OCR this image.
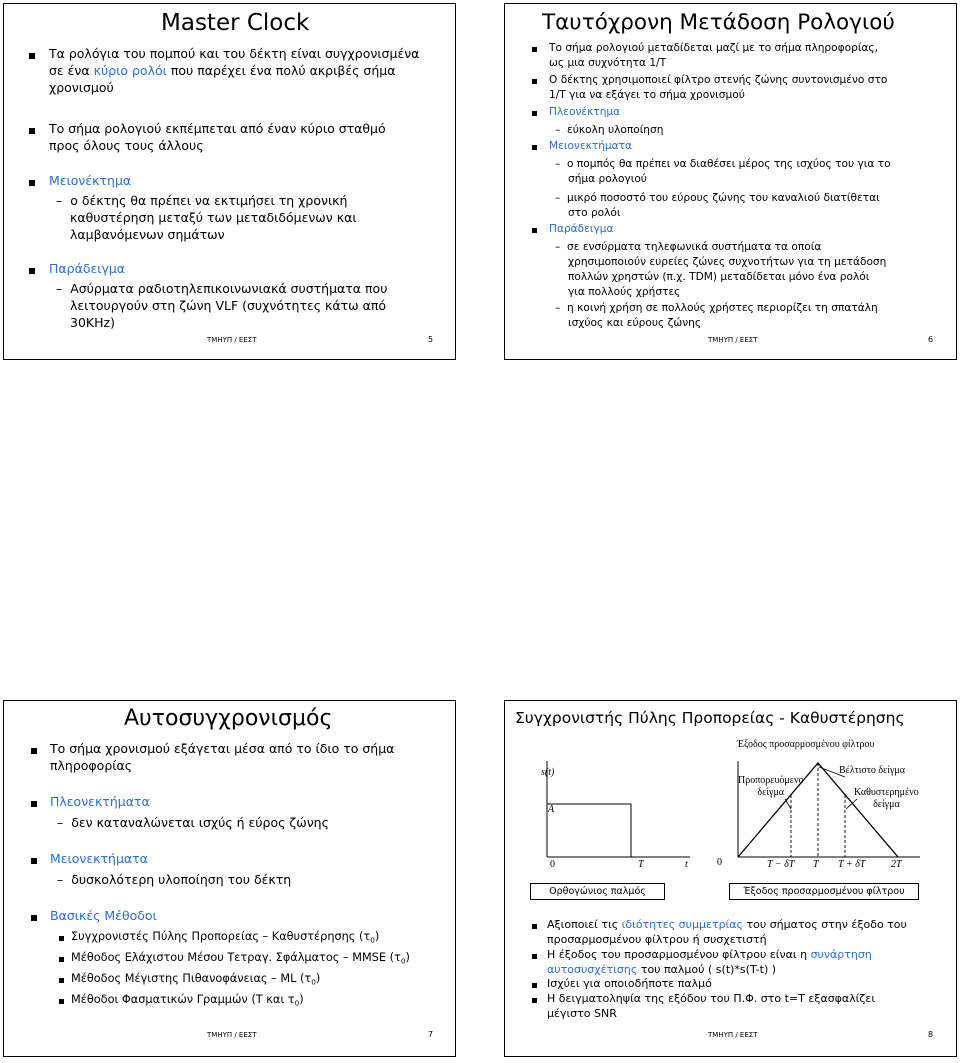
Master Clock
Τα ρολόγια του πομπού και του δέκτη είναι συγχρονισμένα
σε ένα κύριο ρολόι που παρέχει ένα πολύ ακριβές σήμα
χρονισμού
Το σήμα ρολογιού εκπέμπεται από έναν κύριο σταθμό
προς όλους τους άλλους
Μειονέκτημα
–  ο δέκτης θα πρέπει να εκτιμήσει τη χρονική
καθυστέρηση μεταξύ των μεταδιδόμενων και
λαμβανόμενων σημάτων
Παράδειγμα
–  Ασύρματα ραδιοτηλεπικοινωνιακά συστήματα που
λειτουργούν στη ζώνη VLF (συχνότητες κάτω από
30KHz)
ΤΜΗΥΠ / ΕΕΣΤ	5
Ταυτόχρονη Μετάδοση Ρολογιού
Το σήμα ρολογιού μεταδίδεται μαζί με το σήμα πληροφορίας,
ως μια συχνότητα 1/T
Ο δέκτης χρησιμοποιεί φίλτρο στενής ζώνης συντονισμένο στο
1/T για να εξάγει το σήμα χρονισμού
Πλεονέκτημα
–  εύκολη υλοποίηση
Μειονεκτήματα
–  ο πομπός θα πρέπει να διαθέσει μέρος της ισχύος του για το
σήμα ρολογιού
–  μικρό ποσοστό του εύρους ζώνης του καναλιού διατίθεται
στο ρολόι
Παράδειγμα
–  σε ενσύρματα τηλεφωνικά συστήματα τα οποία
χρησιμοποιούν ευρείες ζώνες συχνοτήτων για τη μετάδοση
πολλών χρηστών (π.χ. TDM) μεταδίδεται μόνο ένα ρολόι
για πολλούς χρήστες
–  η κοινή χρήση σε πολλούς χρήστες περιορίζει τη σπατάλη
ισχύος και εύρους ζώνης
ΤΜΗΥΠ / ΕΕΣΤ	6
Αυτοσυγχρονισμός
Το σήμα χρονισμού εξάγεται μέσα από το ίδιο το σήμα
πληροφορίας
Πλεονεκτήματα
–  δεν καταναλώνεται ισχύς ή εύρος ζώνης
Μειονεκτήματα
–  δυσκολότερη υλοποίηση του δέκτη
Βασικές Μέθοδοι
Συγχρονιστές Πύλης Προπορείας – Καθυστέρησης (τ0)
Μέθοδος Ελάχιστου Μέσου Τετραγ. Σφάλματος – MMSE (τ0)
Μέθοδος Μέγιστης Πιθανοφάνειας – ML (τ0)
Μέθοδοι Φασματικών Γραμμών (T και τ0)
ΤΜΗΥΠ / ΕΕΣΤ	7
Συγχρονιστής Πύλης Προπορείας - Καθυστέρησης
Έξοδος προσαρμοσμένου φίλτρου
s(t)
A
0	T	t	0	T − δT T T + δT	2T
Προπορευόμενο
δείγμα
Βέλτιστο δείγμα
Καθυστερημένο
δείγμα
Ορθογώνιος παλμός	Έξοδος προσαρμοσμένου φίλτρου
Αξιοποιεί τις ιδιότητες συμμετρίας του σήματος στην έξοδο του
προσαρμοσμένου φίλτρου ή συσχετιστή
Η έξοδος του προσαρμοσμένου φίλτρου είναι η συνάρτηση
αυτοσυσχέτισης του παλμού ( s(t)*s(T-t) )
Ισχύει για οποιοδήποτε παλμό
Η δειγματοληψία της εξόδου του Π.Φ. στο t=T εξασφαλίζει
μέγιστο SNR
ΤΜΗΥΠ / ΕΕΣΤ	8
